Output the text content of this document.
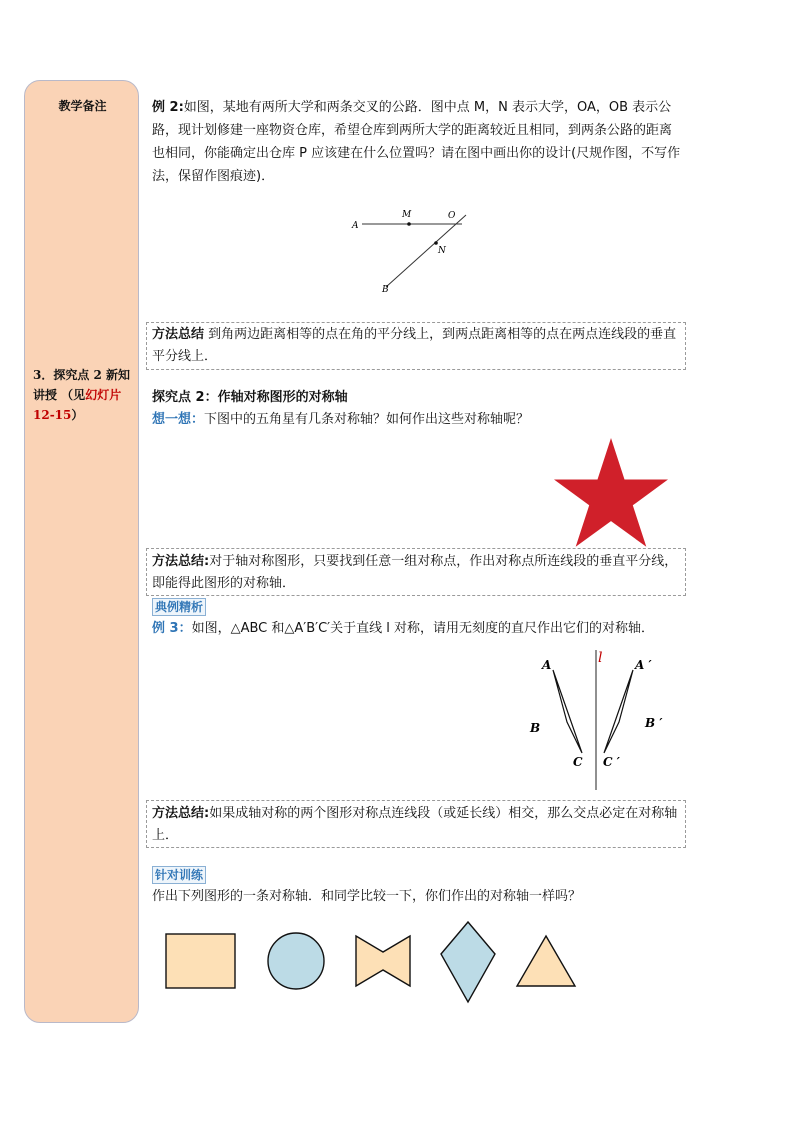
教学备注
3．探究点 2 新知讲授 （见幻灯片
12-15）
例 2:如图，某地有两所大学和两条交叉的公路．图中点 M，N 表示大学，OA，OB 表示公路，现计划修建一座物资仓库，希望仓库到两所大学的距离较近且相同，到两条公路的距离也相同，你能确定出仓库 P 应该建在什么位置吗？请在图中画出你的设计(尺规作图，不写作法，保留作图痕迹)．
A
M	O
N
B
方法总结 到角两边距离相等的点在角的平分线上，到两点距离相等的点在两点连线段的垂直平分线上．
探究点 2：作轴对称图形的对称轴
想一想：下图中的五角星有几条对称轴？如何作出这些对称轴呢？
方法总结:对于轴对称图形，只要找到任意一组对称点，作出对称点所连线段的垂直平分线，即能得此图形的对称轴．
典例精析
例 3：如图，△ABC 和△A′B′C′关于直线 l 对称，请用无刻度的直尺作出它们的对称轴．
l
A
B
C
A ′
B ′
C ′
方法总结:如果成轴对称的两个图形对称点连线段（或延长线）相交，那么交点必定在对称轴上．
针对训练
作出下列图形的一条对称轴．和同学比较一下，你们作出的对称轴一样吗？
